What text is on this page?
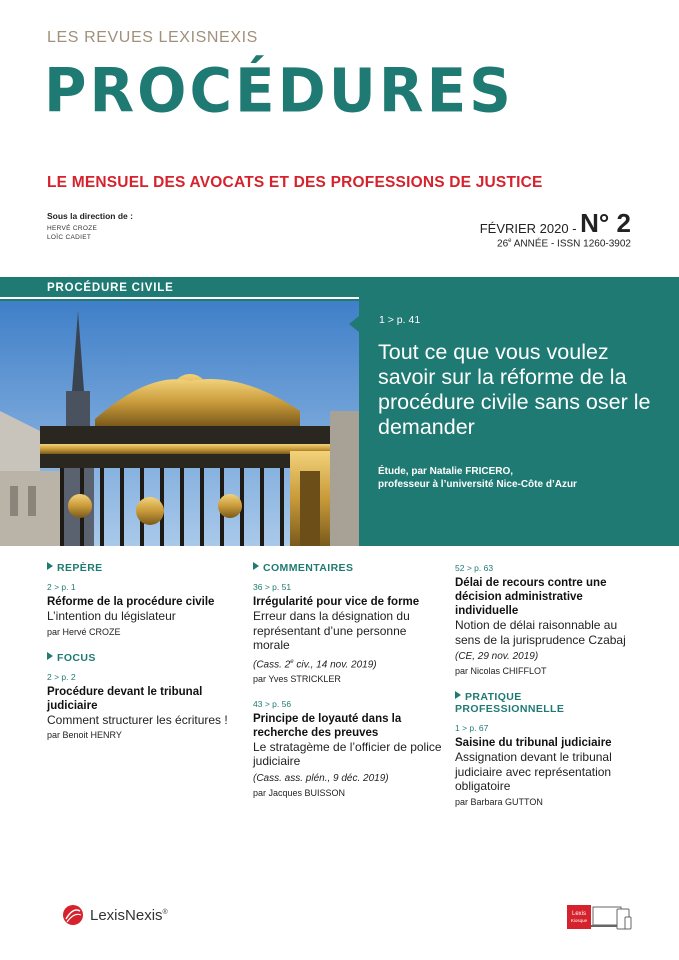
LES REVUES LEXISNEXIS
PROCÉDURES
LE MENSUEL DES AVOCATS ET DES PROFESSIONS DE JUSTICE
Sous la direction de :
HERVÉ CROZE
LOÏC CADIET
FÉVRIER 2020 - N° 2
26e ANNÉE - ISSN 1260-3902
PROCÉDURE CIVILE
1 > p. 41
Tout ce que vous voulez savoir sur la réforme de la procédure civile sans oser le demander
Étude, par Natalie FRICERO,
professeur à l’université Nice-Côte d’Azur
REPÈRE
2 > p. 1
Réforme de la procédure civile
L’intention du législateur
par Hervé CROZE
FOCUS
2 > p. 2
Procédure devant le tribunal judiciaire
Comment structurer les écritures !
par Benoit HENRY
COMMENTAIRES
36 > p. 51
Irrégularité pour vice de forme
Erreur dans la désignation du représentant d’une personne morale
(Cass. 2e civ., 14 nov. 2019)
par Yves STRICKLER
43 > p. 56
Principe de loyauté dans la recherche des preuves
Le stratagème de l’officier de police judiciaire
(Cass. ass. plén., 9 déc. 2019)
par Jacques BUISSON
52 > p. 63
Délai de recours contre une décision administrative individuelle
Notion de délai raisonnable au sens de la jurisprudence Czabaj
(CE, 29 nov. 2019)
par Nicolas CHIFFLOT
PRATIQUE
PROFESSIONNELLE
1 > p. 67
Saisine du tribunal judiciaire
Assignation devant le tribunal judiciaire avec représentation obligatoire
par Barbara GUTTON
LexisNexis®	Lexis
Kiosque
